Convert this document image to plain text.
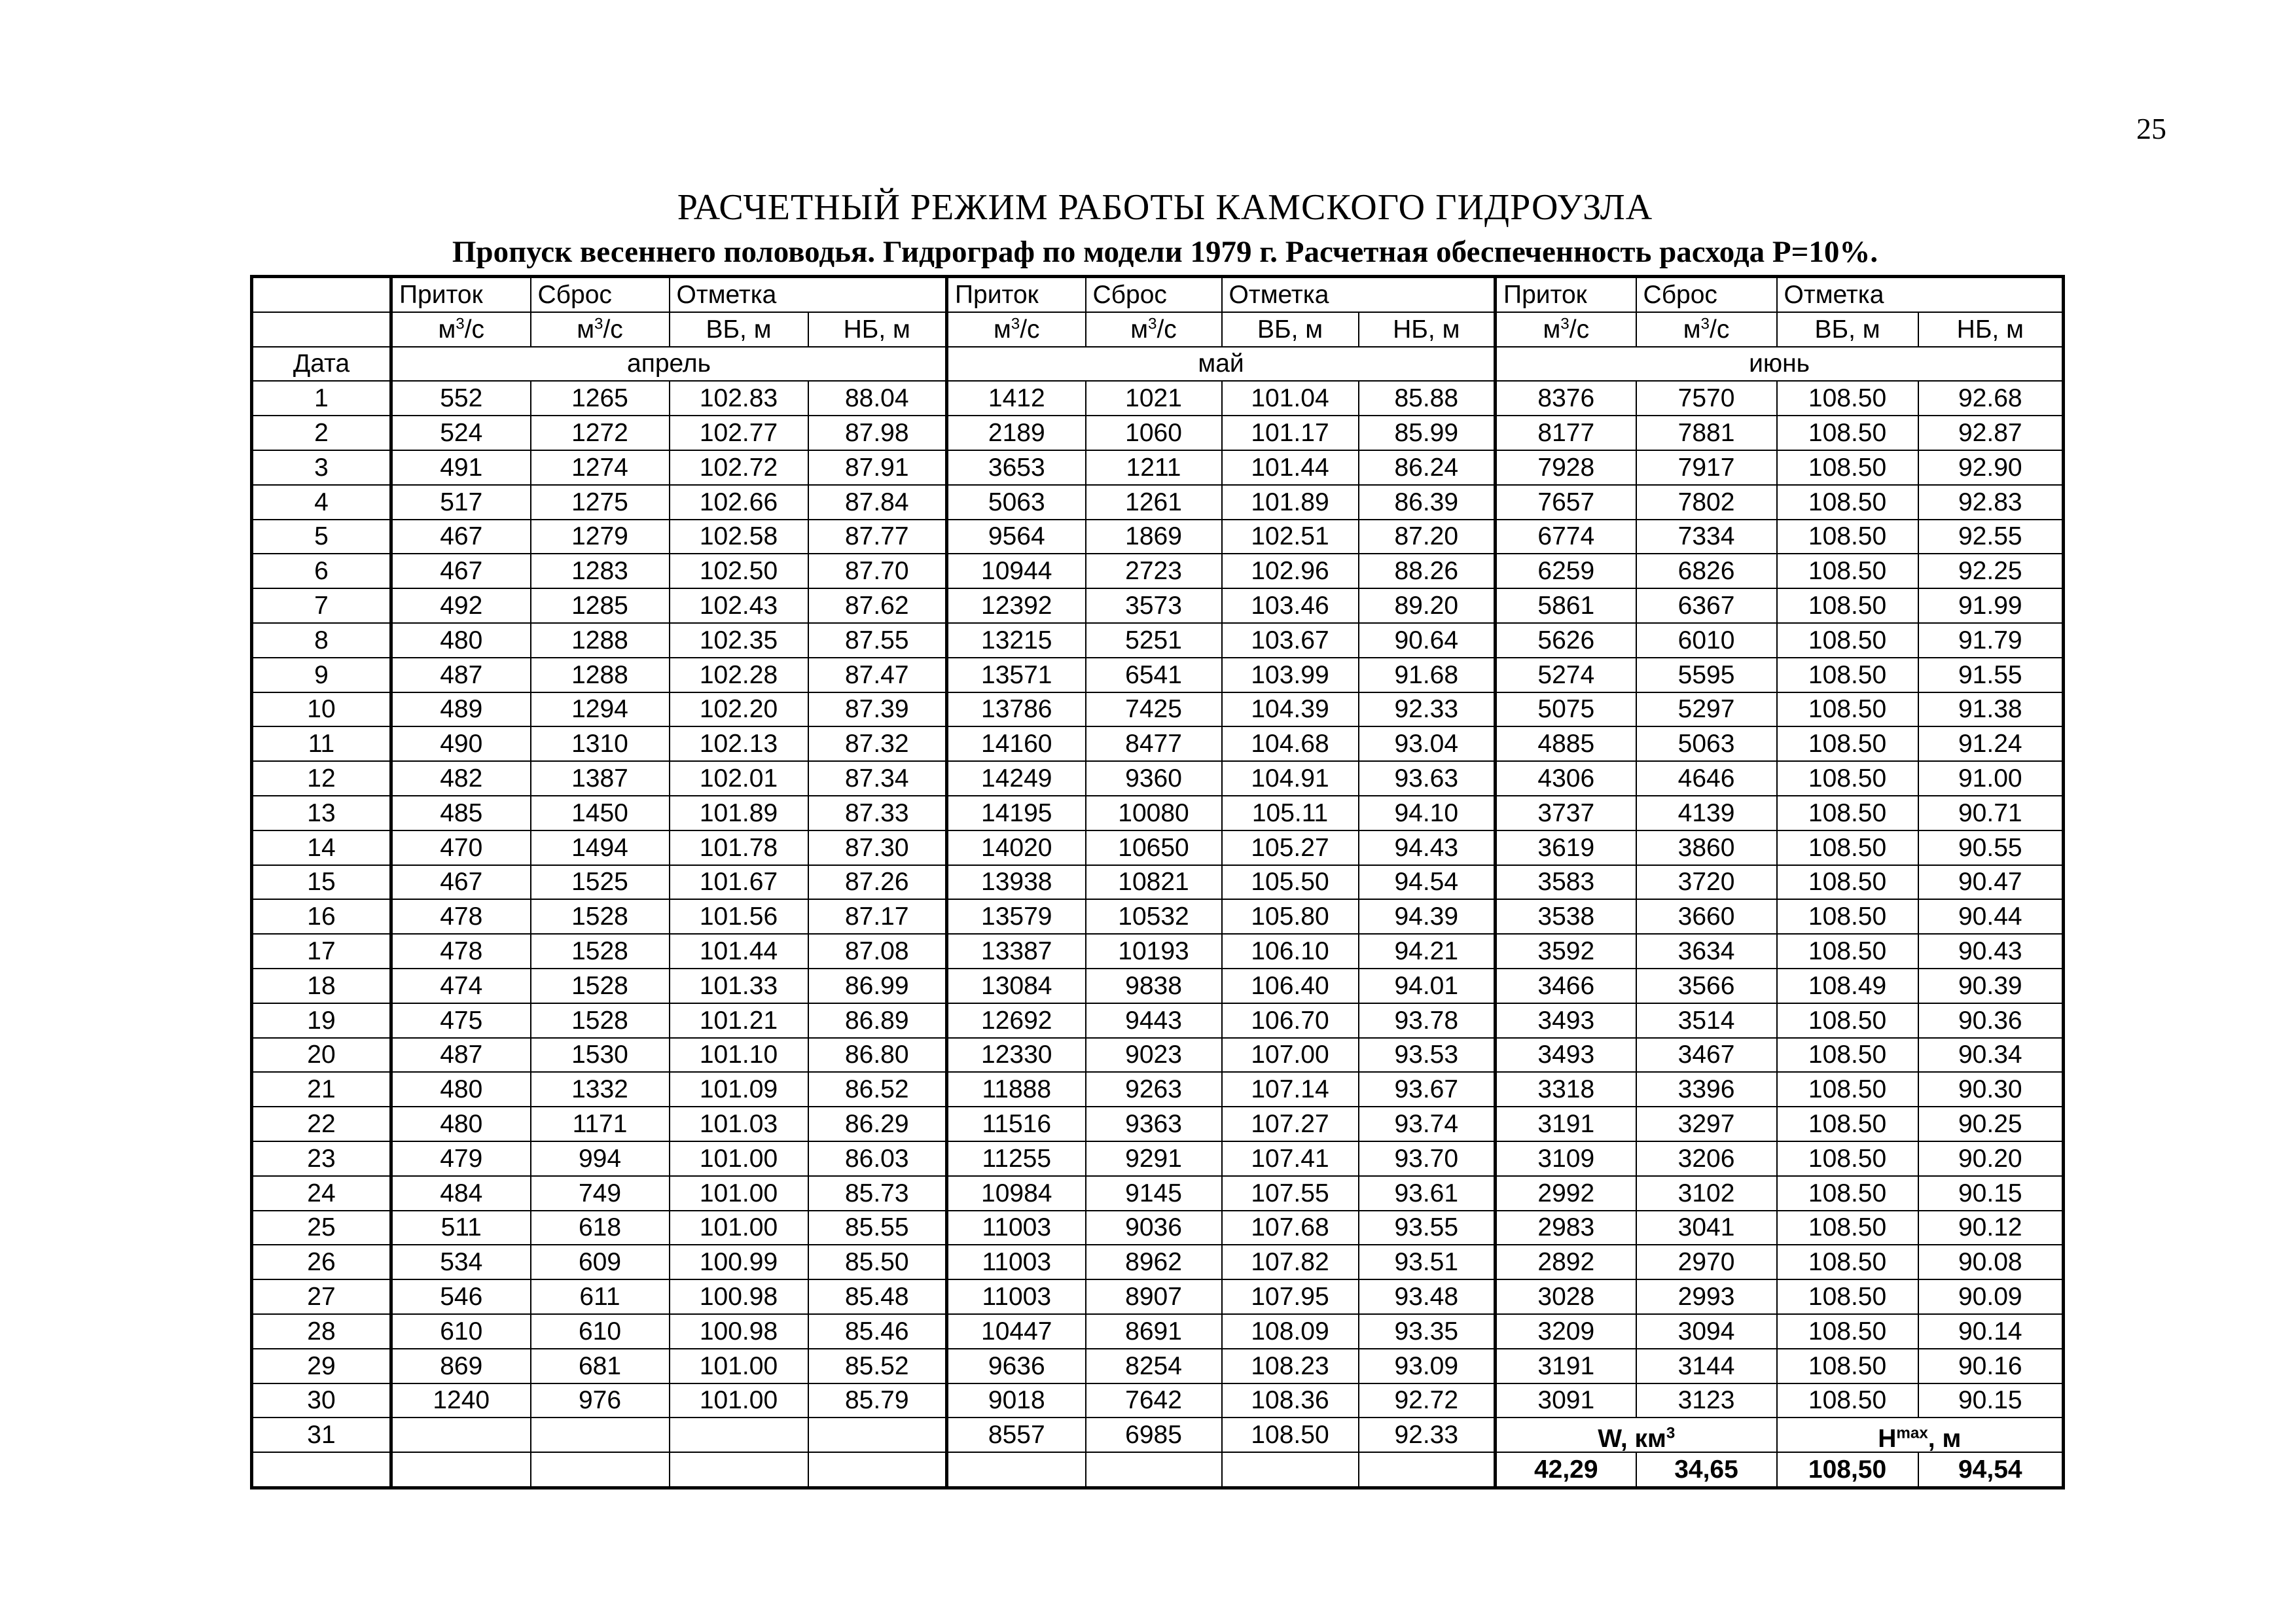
25
РАСЧЕТНЫЙ РЕЖИМ РАБОТЫ КАМСКОГО ГИДРОУЗЛА
Пропуск весеннего половодья. Гидрограф по модели 1979 г. Расчетная обеспеченность расхода Р=10%.
	Приток	Сброс	Отметка		Приток	Сброс	Отметка		Приток	Сброс	Отметка	
	$м^3/с$	$м^3/с$	ВБ, м	НБ, м	$м^3/с$	$м^3/с$	ВБ, м	НБ, м	$м^3/с$	$м^3/с$	ВБ, м	НБ, м
Дата	апрель				май				июнь			
1	552	1265	102.83	88.04	1412	1021	101.04	85.88	8376	7570	108.50	92.68
2	524	1272	102.77	87.98	2189	1060	101.17	85.99	8177	7881	108.50	92.87
3	491	1274	102.72	87.91	3653	1211	101.44	86.24	7928	7917	108.50	92.90
4	517	1275	102.66	87.84	5063	1261	101.89	86.39	7657	7802	108.50	92.83
5	467	1279	102.58	87.77	9564	1869	102.51	87.20	6774	7334	108.50	92.55
6	467	1283	102.50	87.70	10944	2723	102.96	88.26	6259	6826	108.50	92.25
7	492	1285	102.43	87.62	12392	3573	103.46	89.20	5861	6367	108.50	91.99
8	480	1288	102.35	87.55	13215	5251	103.67	90.64	5626	6010	108.50	91.79
9	487	1288	102.28	87.47	13571	6541	103.99	91.68	5274	5595	108.50	91.55
10	489	1294	102.20	87.39	13786	7425	104.39	92.33	5075	5297	108.50	91.38
11	490	1310	102.13	87.32	14160	8477	104.68	93.04	4885	5063	108.50	91.24
12	482	1387	102.01	87.34	14249	9360	104.91	93.63	4306	4646	108.50	91.00
13	485	1450	101.89	87.33	14195	10080	105.11	94.10	3737	4139	108.50	90.71
14	470	1494	101.78	87.30	14020	10650	105.27	94.43	3619	3860	108.50	90.55
15	467	1525	101.67	87.26	13938	10821	105.50	94.54	3583	3720	108.50	90.47
16	478	1528	101.56	87.17	13579	10532	105.80	94.39	3538	3660	108.50	90.44
17	478	1528	101.44	87.08	13387	10193	106.10	94.21	3592	3634	108.50	90.43
18	474	1528	101.33	86.99	13084	9838	106.40	94.01	3466	3566	108.49	90.39
19	475	1528	101.21	86.89	12692	9443	106.70	93.78	3493	3514	108.50	90.36
20	487	1530	101.10	86.80	12330	9023	107.00	93.53	3493	3467	108.50	90.34
21	480	1332	101.09	86.52	11888	9263	107.14	93.67	3318	3396	108.50	90.30
22	480	1171	101.03	86.29	11516	9363	107.27	93.74	3191	3297	108.50	90.25
23	479	994	101.00	86.03	11255	9291	107.41	93.70	3109	3206	108.50	90.20
24	484	749	101.00	85.73	10984	9145	107.55	93.61	2992	3102	108.50	90.15
25	511	618	101.00	85.55	11003	9036	107.68	93.55	2983	3041	108.50	90.12
26	534	609	100.99	85.50	11003	8962	107.82	93.51	2892	2970	108.50	90.08
27	546	611	100.98	85.48	11003	8907	107.95	93.48	3028	2993	108.50	90.09
28	610	610	100.98	85.46	10447	8691	108.09	93.35	3209	3094	108.50	90.14
29	869	681	101.00	85.52	9636	8254	108.23	93.09	3191	3144	108.50	90.16
30	1240	976	101.00	85.79	9018	7642	108.36	92.72	3091	3123	108.50	90.15
31					8557	6985	108.50	92.33	W, $км^3$		$H^{max}$, м	
									42,29	34,65	108,50	94,54
